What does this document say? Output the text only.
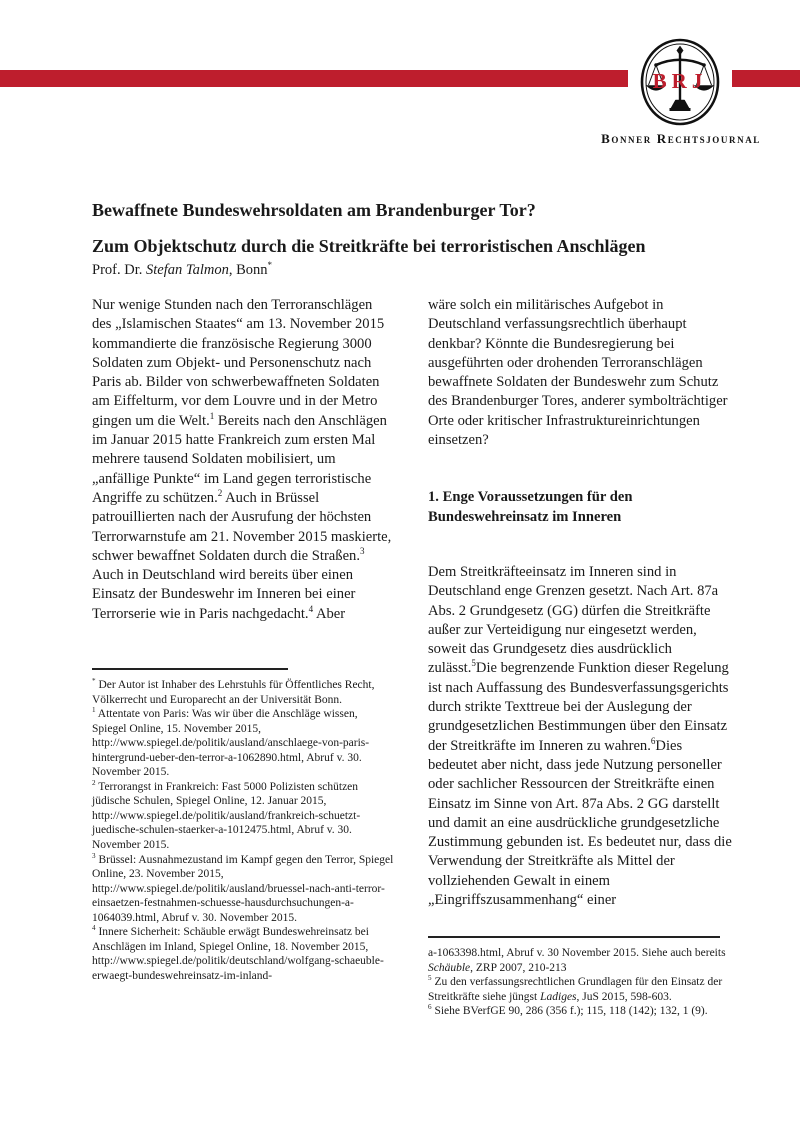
BRJ
Bonner Rechtsjournal
Bewaffnete Bundeswehrsoldaten am Brandenburger Tor?
Zum Objektschutz durch die Streitkräfte bei terroristischen Anschlägen
Prof. Dr. Stefan Talmon, Bonn*

Nur wenige Stunden nach den Terroranschlägen des „Islamischen Staates“ am 13. November 2015 kommandierte die französische Regierung 3000 Soldaten zum Objekt- und Personenschutz nach Paris ab. Bilder von schwerbewaffneten Soldaten am Eiffelturm, vor dem Louvre und in der Metro gingen um die Welt.$^1$ Bereits nach den Anschlägen im Januar 2015 hatte Frankreich zum ersten Mal mehrere tausend Soldaten mobilisiert, um „anfällige Punkte“ im Land gegen terroristische Angriffe zu schützen.$^2$ Auch in Brüssel patrouillierten nach der Ausrufung der höchsten Terrorwarnstufe am 21. November 2015 maskierte, schwer bewaffnet Soldaten durch die Straßen.$^3$ Auch in Deutschland wird bereits über einen Einsatz der Bundeswehr im Inneren bei einer Terrorserie wie in Paris nachgedacht.$^4$ Aber

wäre solch ein militärisches Aufgebot in Deutschland verfassungsrechtlich überhaupt denkbar? Könnte die Bundesregierung bei ausgeführten oder drohenden Terroranschlägen bewaffnete Soldaten der Bundeswehr zum Schutz des Brandenburger Tores, anderer symbolträchtiger Orte oder kritischer Infrastruktureinrichtungen einsetzen?

1. Enge Voraussetzungen für den Bundeswehreinsatz im Inneren

Dem Streitkräfteeinsatz im Inneren sind in Deutschland enge Grenzen gesetzt. Nach Art. 87a Abs. 2 Grundgesetz (GG) dürfen die Streitkräfte außer zur Verteidigung nur eingesetzt werden, soweit das Grundgesetz dies ausdrücklich zulässt.$^5$Die begrenzende Funktion dieser Regelung ist nach Auffassung des Bundesverfassungsgerichts durch strikte Texttreue bei der Auslegung der grundgesetzlichen Bestimmungen über den Einsatz der Streitkräfte im Inneren zu wahren.$^6$Dies bedeutet aber nicht, dass jede Nutzung personeller oder sachlicher Ressourcen der Streitkräfte einen Einsatz im Sinne von Art. 87a Abs. 2 GG darstellt und damit an eine ausdrückliche grundgesetzliche Zustimmung gebunden ist. Es bedeutet nur, dass die Verwendung der Streitkräfte als Mittel der vollziehenden Gewalt in einem „Eingriffszusammenhang“ einer

* Der Autor ist Inhaber des Lehrstuhls für Öffentliches Recht, Völkerrecht und Europarecht an der Universität Bonn.
$^1$ Attentate von Paris: Was wir über die Anschläge wissen, Spiegel Online, 15. November 2015, http://www.spiegel.de/politik/ausland/anschlaege-von-paris-hintergrund-ueber-den-terror-a-1062890.html, Abruf v. 30. November 2015.
$^2$ Terrorangst in Frankreich: Fast 5000 Polizisten schützen jüdische Schulen, Spiegel Online, 12. Januar 2015, http://www.spiegel.de/politik/ausland/frankreich-schuetzt-juedische-schulen-staerker-a-1012475.html, Abruf v. 30. November 2015.
$^3$ Brüssel: Ausnahmezustand im Kampf gegen den Terror, Spiegel Online, 23. November 2015, http://www.spiegel.de/politik/ausland/bruessel-nach-anti-terror-einsaetzen-festnahmen-schuesse-hausdurchsuchungen-a-1064039.html, Abruf v. 30. November 2015.
$^4$ Innere Sicherheit: Schäuble erwägt Bundeswehreinsatz bei Anschlägen im Inland, Spiegel Online, 18. November 2015, http://www.spiegel.de/politik/deutschland/wolfgang-schaeuble-erwaegt-bundeswehreinsatz-im-inland-
a-1063398.html, Abruf v. 30 November 2015. Siehe auch bereits Schäuble, ZRP 2007, 210-213
$^5$ Zu den verfassungsrechtlichen Grundlagen für den Einsatz der Streitkräfte siehe jüngst Ladiges, JuS 2015, 598-603.
$^6$ Siehe BVerfGE 90, 286 (356 f.); 115, 118 (142); 132, 1 (9).
